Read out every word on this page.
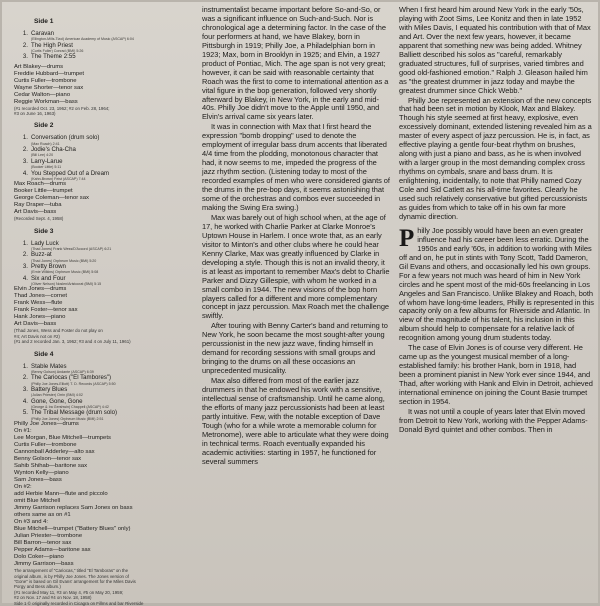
Side 1
1. Caravan
(Ellington-Mills-Tizol) American Academy of Music (ASCAP) 6:04
2. The High Priest
(Curtis Fuller) Conrad (BMI) 5:26
3. The Theme 2:55
Art Blakey—drums
Freddie Hubbard—trumpet
Curtis Fuller—trombone
Wayne Shorter—tenor sax
Cedar Walton—piano
Reggie Workman—bass
(#1 recorded Oct. 23, 1962; #2 on Feb. 28, 1964;
#3 on June 16, 1963)
Side 2
1. Conversation (drum solo)
(Max Roach) 2:41
2. Jodie's Cha-Cha
(Bill Lee) 4:20
3. Larry-Larue
(Booker Little) 5:11
4. You Stepped Out of a Dream
(Kahn-Brown) Feist (ASCAP) 7:44
Max Roach—drums
Booker Little—trumpet
George Coleman—tenor sax
Ray Draper—tuba
Art Davis—bass
(Recorded Sept. 4, 1958)
Side 3
1. Lady Luck
(Thad Jones) Frank Wess/D'Accord (ASCAP) 6:21
2. Buzz-at
(Thad Jones) Orpheum Music (BMI) 5:20
3. Pretty Brown
(Ernie Wilkins) Orpheum Music (BMI) 5:08
4. Six and Four
(Oliver Nelson) Noslen/Aristocrat (BMI) 5:15
Elvin Jones—drums
Thad Jones—cornet
Frank Wess—flute
Frank Foster—tenor sax
Hank Jones—piano
Art Davis—bass
(Thad Jones, Wess and Foster do not play on
#4; Art Davis not on #2)
(#1 and 2 recorded Jan. 3, 1962; #3 and 4 on July 11, 1961)
Side 4
1. Stable Mates
(Benny Golson) Andante (ASCAP) 6:39
2. The Cariocas ("El Tambores")
(Philly Joe Jones-Elliott) T. D. Records (ASCAP) 5:50
3. Battery Blues
(Julian Priester) Orrin (BMI) 4:02
4. Gone, Gone, Gone
(George & Ira Gershwin) Chappell (ASCAP) 4:42
5. The Tribal Message (drum solo)
(Philly Joe Jones) Orpheum Music (BMI) 2:51
Philly Joe Jones—drums
On #1:
Lee Morgan, Blue Mitchell—trumpets
Curtis Fuller—trombone
Cannonball Adderley—alto sax
Benny Golson—tenor sax
Sahib Shihab—baritone sax
Wynton Kelly—piano
Sam Jones—bass
On #2:
add Herbie Mann—flute and piccolo
omit Blue Mitchell
Jimmy Garrison replaces Sam Jones on bass
others same as on #1
On #3 and 4:
Blue Mitchell—trumpet ("Battery Blues" only)
Julian Priester—trombone
Bill Barron—tenor sax
Pepper Adams—baritone sax
Dolo Coker—piano
Jimmy Garrison—bass
The arrangement of "Cariocas," titled "El Tamboras" on the
original album, is by Philly Joe Jones. The Jones version of
"Gone" is based on Gil Evans' arrangement for the Miles Davis
Porgy and Bess album.)
(#1 recorded May 11, #3 on May 4, #5 on May 20, 1959;
#2 on Nov. 17 and #4 on Nov. 18, 1958)
Side 1 © originally recorded in Cicagra on Fillms and bar Riverside

instrumentalist became important before So-and-So, or was a significant influence on Such-and-Such. Nor is chronological age a determining factor. In the case of the four performers at hand, we have Blakey, born in Pittsburgh in 1919; Philly Joe, a Philadelphian born in 1923; Max, born in Brooklyn in 1925; and Elvin, a 1927 product of Pontiac, Mich. The age span is not very great; however, it can be said with reasonable certainty that Roach was the first to come to international attention as a vital figure in the bop generation, followed very shortly afterward by Blakey, in New York, in the early and mid-40s. Philly Joe didn't move to the Apple until 1950, and Elvin's arrival came six years later.

It was in connection with Max that I first heard the expression "bomb dropping" used to denote the employment of irregular bass drum accents that liberated 4/4 time from the plodding, monotonous character that had, it now seems to me, impeded the progress of the jazz rhythm section. (Listening today to most of the recorded examples of men who were considered giants of the drums in the pre-bop days, it seems astonishing that some of the orchestras and combos ever succeeded in making the Swing Era swing.)

Max was barely out of high school when, at the age of 17, he worked with Charlie Parker at Clarke Monroe's Uptown House in Harlem. I once wrote that, as an early visitor to Minton's and other clubs where he could hear Kenny Clarke, Max was greatly influenced by Clarke in developing a style. Though this is not an invalid theory, it is at least as important to remember Max's debt to Charlie Parker and Dizzy Gillespie, with whom he worked in a small combo in 1944. The new visions of the bop horn players called for a different and more complementary concept in jazz percussion. Max Roach met the challenge swiftly.

After touring with Benny Carter's band and returning to New York, he soon became the most sought-after young percussionist in the new jazz wave, finding himself in demand for recording sessions with small groups and bringing to the drums on all these occasions an unprecedented musicality.

Max also differed from most of the earlier jazz drummers in that he endowed his work with a sensitive, intellectual sense of craftsmanship. Until he came along, the efforts of many jazz percussionists had been at least partly intuitive. Few, with the notable exception of Dave Tough (who for a while wrote a memorable column for Metronome), were able to articulate what they were doing in technical terms. Roach eventually expanded his academic activities: starting in 1957, he functioned for several summers

When I first heard him around New York in the early '50s, playing with Zoot Sims, Lee Konitz and then in late 1952 with Miles Davis, I equated his contribution with that of Max and Art. Over the next few years, however, it became apparent that something new was being added. Whitney Balliett described his solos as "careful, remarkably graduated structures, full of surprises, varied timbres and good old-fashioned emotion." Ralph J. Gleason hailed him as "the greatest drummer in jazz today and maybe the greatest drummer since Chick Webb."

Philly Joe represented an extension of the new concepts that had been set in motion by Klook, Max and Blakey. Though his style seemed at first heavy, explosive, even excessively dominant, extended listening revealed him as a master of every aspect of jazz percussion. He is, in fact, as effective playing a gentle four-beat rhythm on brushes, along with just a piano and bass, as he is when involved with a larger group in the most demanding complex cross rhythms on cymbals, snare and bass drum. It is enlightening, incidentally, to note that Philly named Cozy Cole and Sid Catlett as his all-time favorites. Clearly he used such relatively conservative but gifted percussionists as guides from which to take off in his own far more dynamic direction.

Philly Joe possibly would have been an even greater influence had his career been less erratic. During the 1950s and early '60s, in addition to working with Miles off and on, he put in stints with Tony Scott, Tadd Dameron, Gil Evans and others, and occasionally led his own groups. For a few years not much was heard of him in New York circles and he spent most of the mid-60s freelancing in Los Angeles and San Francisco. Unlike Blakey and Roach, both of whom have long-time leaders, Philly is represented in this capacity only on a few albums for Riverside and Atlantic. In view of the magnitude of his talent, his inclusion in this album should help to compensate for a relative lack of recognition among young drum students today.

The case of Elvin Jones is of course very different. He came up as the youngest musical member of a long-established family: his brother Hank, born in 1918, had been a prominent pianist in New York ever since 1944, and Thad, after working with Hank and Elvin in Detroit, achieved international eminence on joining the Count Basie trumpet section in 1954.

It was not until a couple of years later that Elvin moved from Detroit to New York, working with the Pepper Adams-Donald Byrd quintet and other combos. Then in
